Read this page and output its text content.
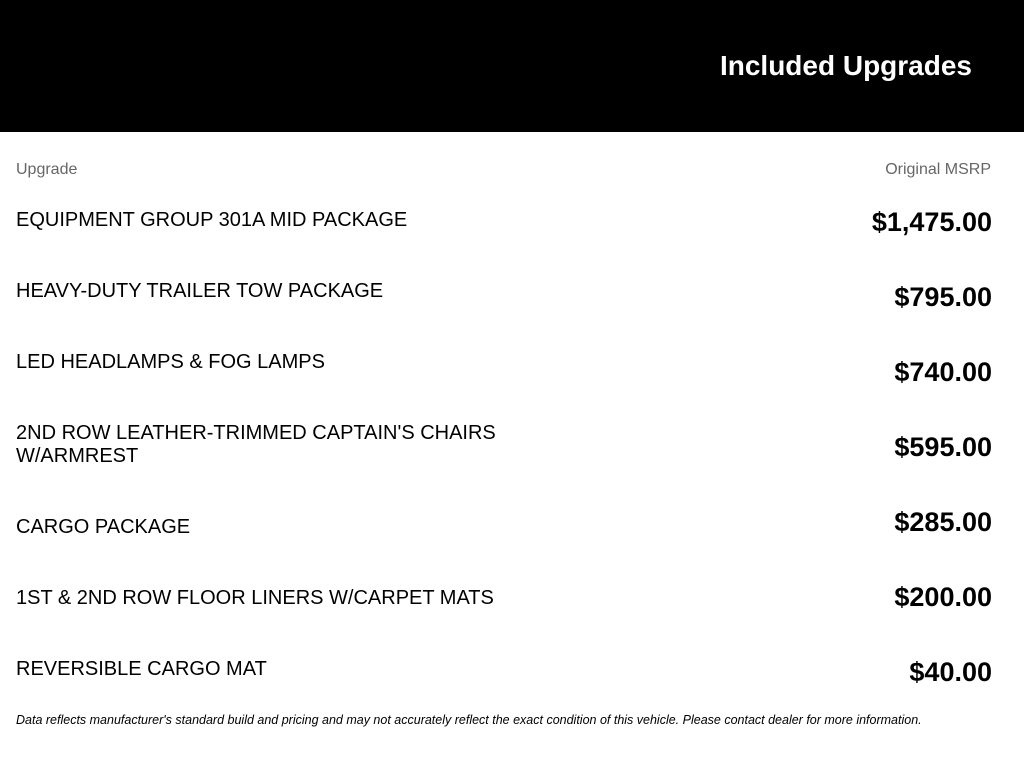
Included Upgrades
Upgrade	Original MSRP
EQUIPMENT GROUP 301A MID PACKAGE	$1,475.00
HEAVY-DUTY TRAILER TOW PACKAGE	$795.00
LED HEADLAMPS & FOG LAMPS	$740.00
2ND ROW LEATHER-TRIMMED CAPTAIN'S CHAIRS W/ARMREST	$595.00
CARGO PACKAGE	$285.00
1ST & 2ND ROW FLOOR LINERS W/CARPET MATS	$200.00
REVERSIBLE CARGO MAT	$40.00
Data reflects manufacturer's standard build and pricing and may not accurately reflect the exact condition of this vehicle. Please contact dealer for more information.
